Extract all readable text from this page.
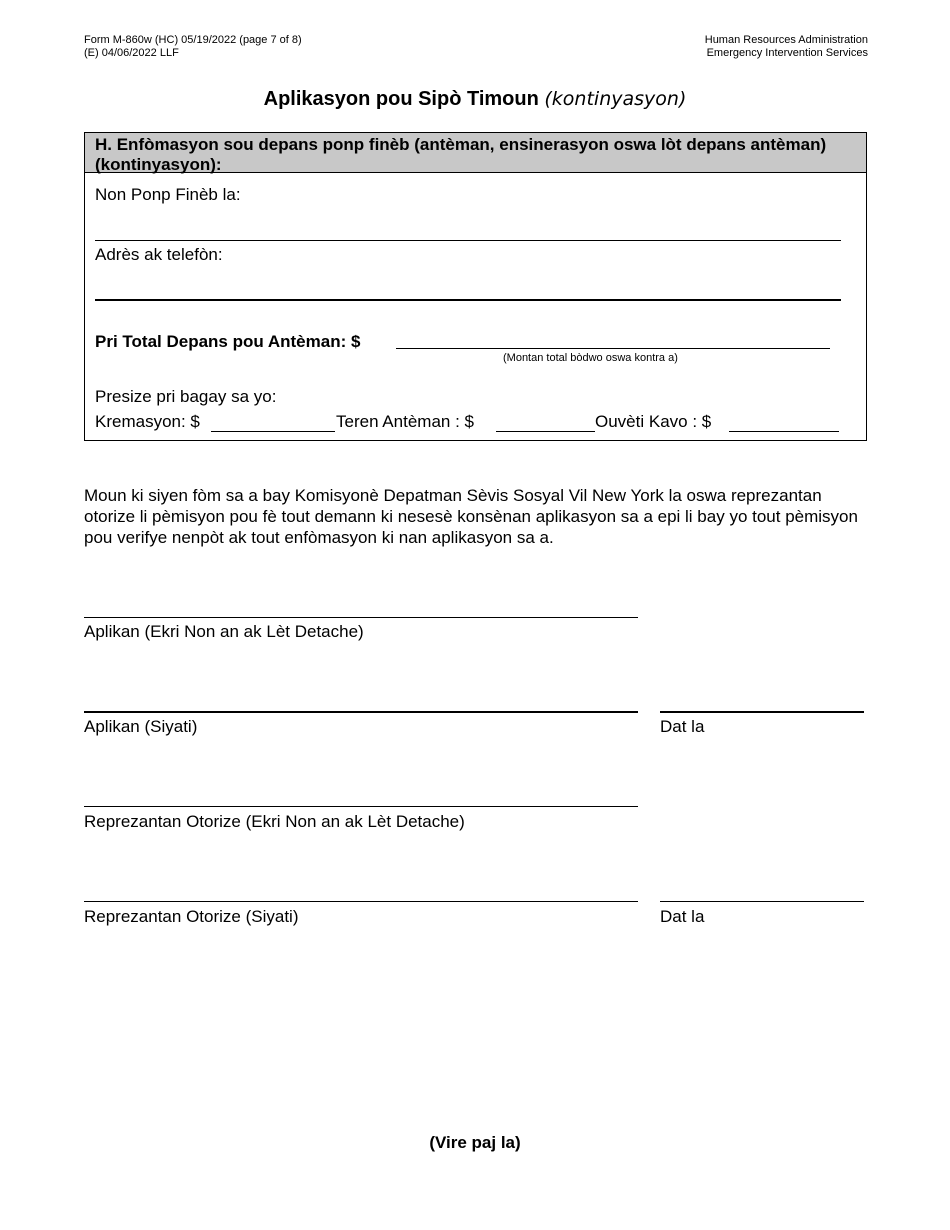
Form M-860w (HC) 05/19/2022 (page 7 of 8)
(E) 04/06/2022 LLF
Human Resources Administration
Emergency Intervention Services
Aplikasyon pou Sipò Timoun (kontinyasyon)
H. Enfòmasyon sou depans ponp finèb (antèman, ensinerasyon oswa lòt depans antèman) (kontinyasyon):
Non Ponp Finèb la:
Adrès ak telefòn:
Pri Total Depans pou Antèman: $
(Montan total bòdwo oswa kontra a)
Presize pri bagay sa yo:
Kremasyon: $	Teren Antèman : $	Ouvèti Kavo : $
Moun ki siyen fòm sa a bay Komisyonè Depatman Sèvis Sosyal Vil New York la oswa reprezantan otorize li pèmisyon pou fè tout demann ki nesesè konsènan aplikasyon sa a epi li bay yo tout pèmisyon pou verifye nenpòt ak tout enfòmasyon ki nan aplikasyon sa a.
Aplikan (Ekri Non an ak Lèt Detache)
Aplikan (Siyati)	Dat la
Reprezantan Otorize (Ekri Non an ak Lèt Detache)
Reprezantan Otorize (Siyati)	Dat la
(Vire paj la)
